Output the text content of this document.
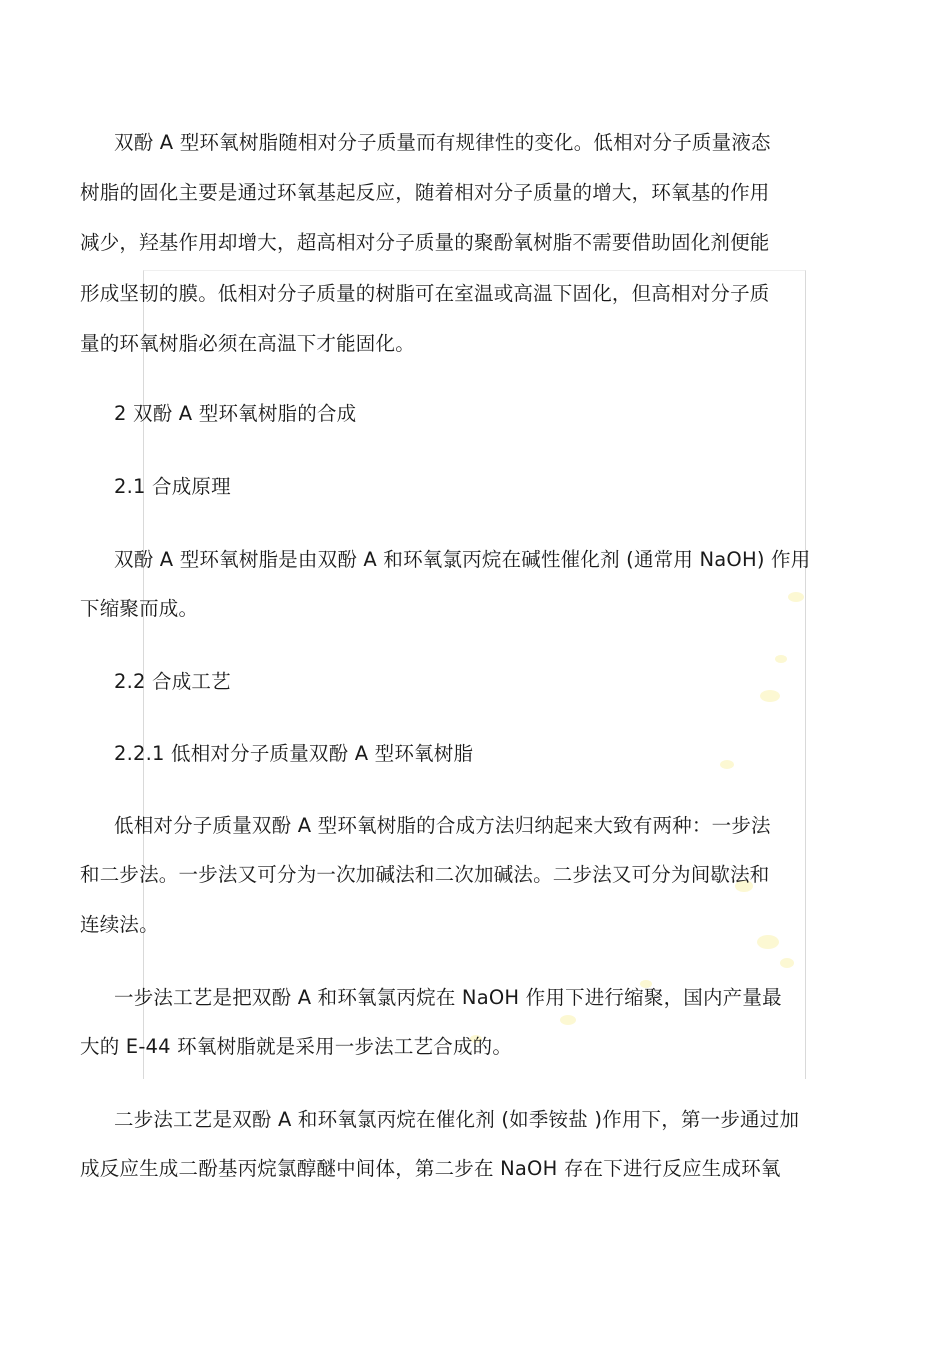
双酚 A 型环氧树脂随相对分子质量而有规律性的变化。低相对分子质量液态
树脂的固化主要是通过环氧基起反应，随着相对分子质量的增大，环氧基的作用
减少，羟基作用却增大，超高相对分子质量的聚酚氧树脂不需要借助固化剂便能
形成坚韧的膜。低相对分子质量的树脂可在室温或高温下固化，但高相对分子质
量的环氧树脂必须在高温下才能固化。
2 双酚 A 型环氧树脂的合成
2.1 合成原理
双酚 A 型环氧树脂是由双酚 A 和环氧氯丙烷在碱性催化剂 (通常用 NaOH) 作用
下缩聚而成。
2.2 合成工艺
2.2.1 低相对分子质量双酚 A 型环氧树脂
低相对分子质量双酚 A 型环氧树脂的合成方法归纳起来大致有两种：一步法
和二步法。一步法又可分为一次加碱法和二次加碱法。二步法又可分为间歇法和
连续法。
一步法工艺是把双酚 A 和环氧氯丙烷在 NaOH 作用下进行缩聚，国内产量最
大的 E-44 环氧树脂就是采用一步法工艺合成的。
二步法工艺是双酚 A 和环氧氯丙烷在催化剂 (如季铵盐 )作用下，第一步通过加
成反应生成二酚基丙烷氯醇醚中间体，第二步在 NaOH 存在下进行反应生成环氧
